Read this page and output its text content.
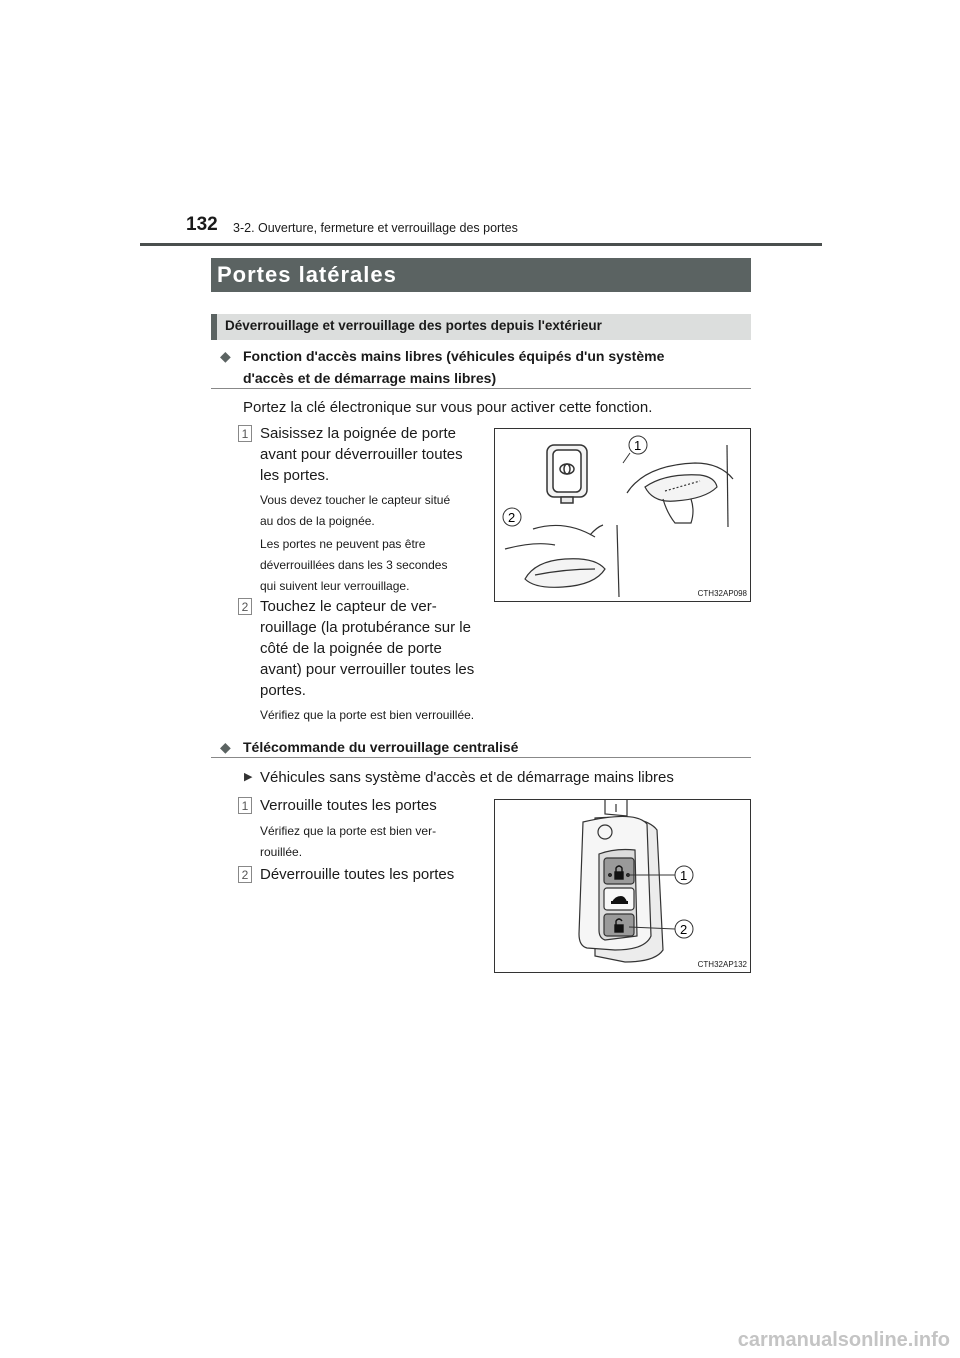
132 3-2. Ouverture, fermeture et verrouillage des portes
Portes latérales
Déverrouillage et verrouillage des portes depuis l'extérieur
◆ Fonction d'accès mains libres (véhicules équipés d'un système
d'accès et de démarrage mains libres)
Portez la clé électronique sur vous pour activer cette fonction.
1 Saisissez la poignée de porte
avant pour déverrouiller toutes
les portes.
Vous devez toucher le capteur situé
au dos de la poignée.
Les portes ne peuvent pas être
déverrouillées dans les 3 secondes
qui suivent leur verrouillage.
2 Touchez le capteur de ver-
rouillage (la protubérance sur le
côté de la poignée de porte
avant) pour verrouiller toutes les
portes.
Vérifiez que la porte est bien verrouillée.
1
2
CTH32AP098
◆ Télécommande du verrouillage centralisé
▶ Véhicules sans système d'accès et de démarrage mains libres
1 Verrouille toutes les portes
Vérifiez que la porte est bien ver-
rouillée.
2 Déverrouille toutes les portes	1
2
CTH32AP132
carmanualsonline.info
